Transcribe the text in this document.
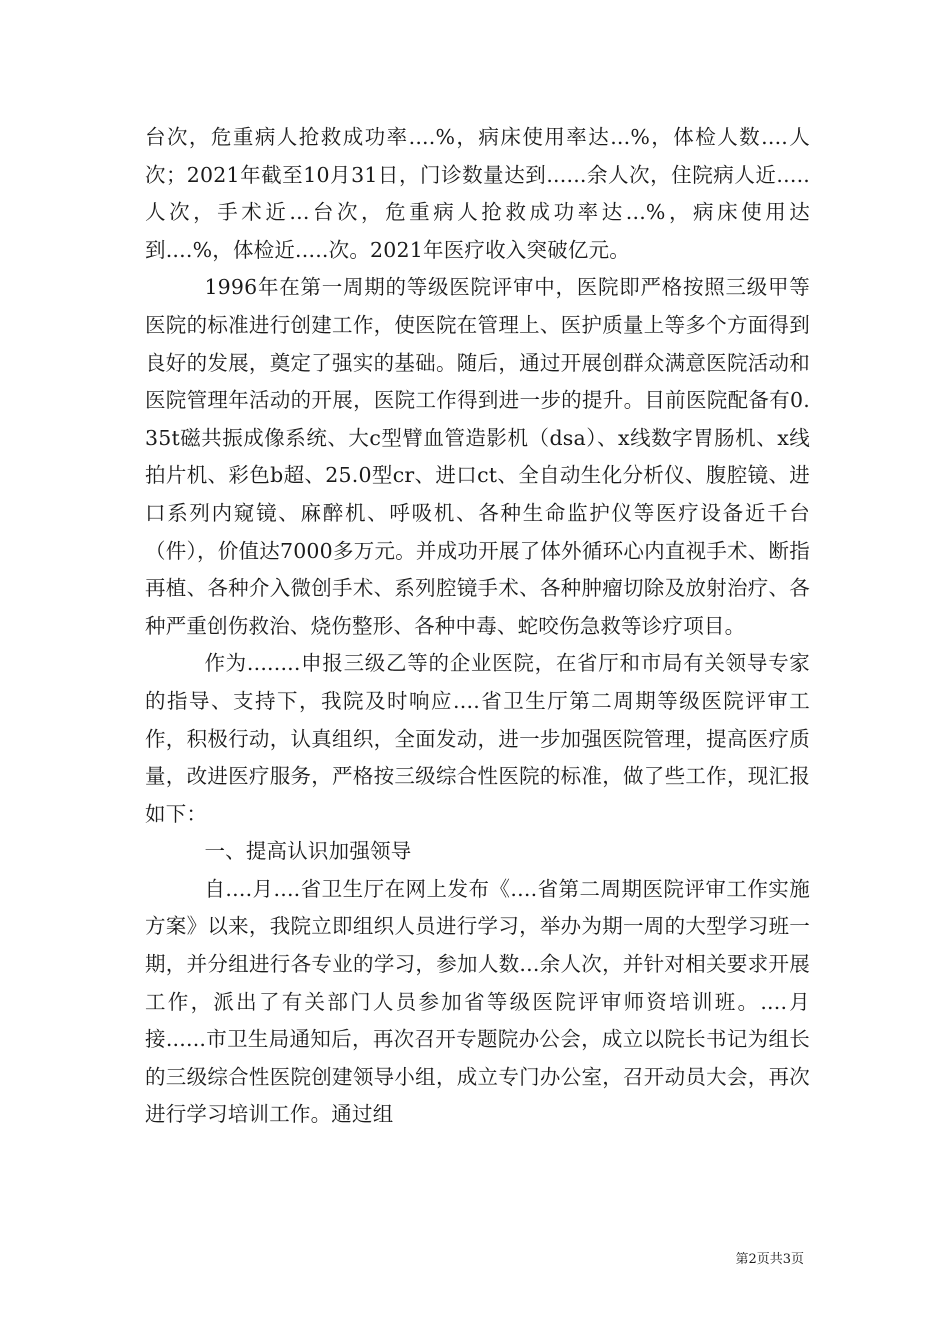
台次，危重病人抢救成功率....%，病床使用率达...%，体检人数....人次；2021年截至10月31日，门诊数量达到......余人次，住院病人近.....人次，手术近...台次，危重病人抢救成功率达...%，病床使用达到....%，体检近.....次。2021年医疗收入突破亿元。

1996年在第一周期的等级医院评审中，医院即严格按照三级甲等医院的标准进行创建工作，使医院在管理上、医护质量上等多个方面得到良好的发展，奠定了强实的基础。随后，通过开展创群众满意医院活动和医院管理年活动的开展，医院工作得到进一步的提升。目前医院配备有0.35t磁共振成像系统、大c型臂血管造影机（dsa）、x线数字胃肠机、x线拍片机、彩色b超、25.0型cr、进口ct、全自动生化分析仪、腹腔镜、进口系列内窥镜、麻醉机、呼吸机、各种生命监护仪等医疗设备近千台（件），价值达7000多万元。并成功开展了体外循环心内直视手术、断指再植、各种介入微创手术、系列腔镜手术、各种肿瘤切除及放射治疗、各种严重创伤救治、烧伤整形、各种中毒、蛇咬伤急救等诊疗项目。

作为........申报三级乙等的企业医院，在省厅和市局有关领导专家的指导、支持下，我院及时响应....省卫生厅第二周期等级医院评审工作，积极行动，认真组织，全面发动，进一步加强医院管理，提高医疗质量，改进医疗服务，严格按三级综合性医院的标准，做了些工作，现汇报如下：

一、提高认识加强领导

自....月....省卫生厅在网上发布《....省第二周期医院评审工作实施方案》以来，我院立即组织人员进行学习，举办为期一周的大型学习班一期，并分组进行各专业的学习，参加人数...余人次，并针对相关要求开展工作，派出了有关部门人员参加省等级医院评审师资培训班。....月接......市卫生局通知后，再次召开专题院办公会，成立以院长书记为组长的三级综合性医院创建领导小组，成立专门办公室，召开动员大会，再次进行学习培训工作。通过组

第2页共3页
